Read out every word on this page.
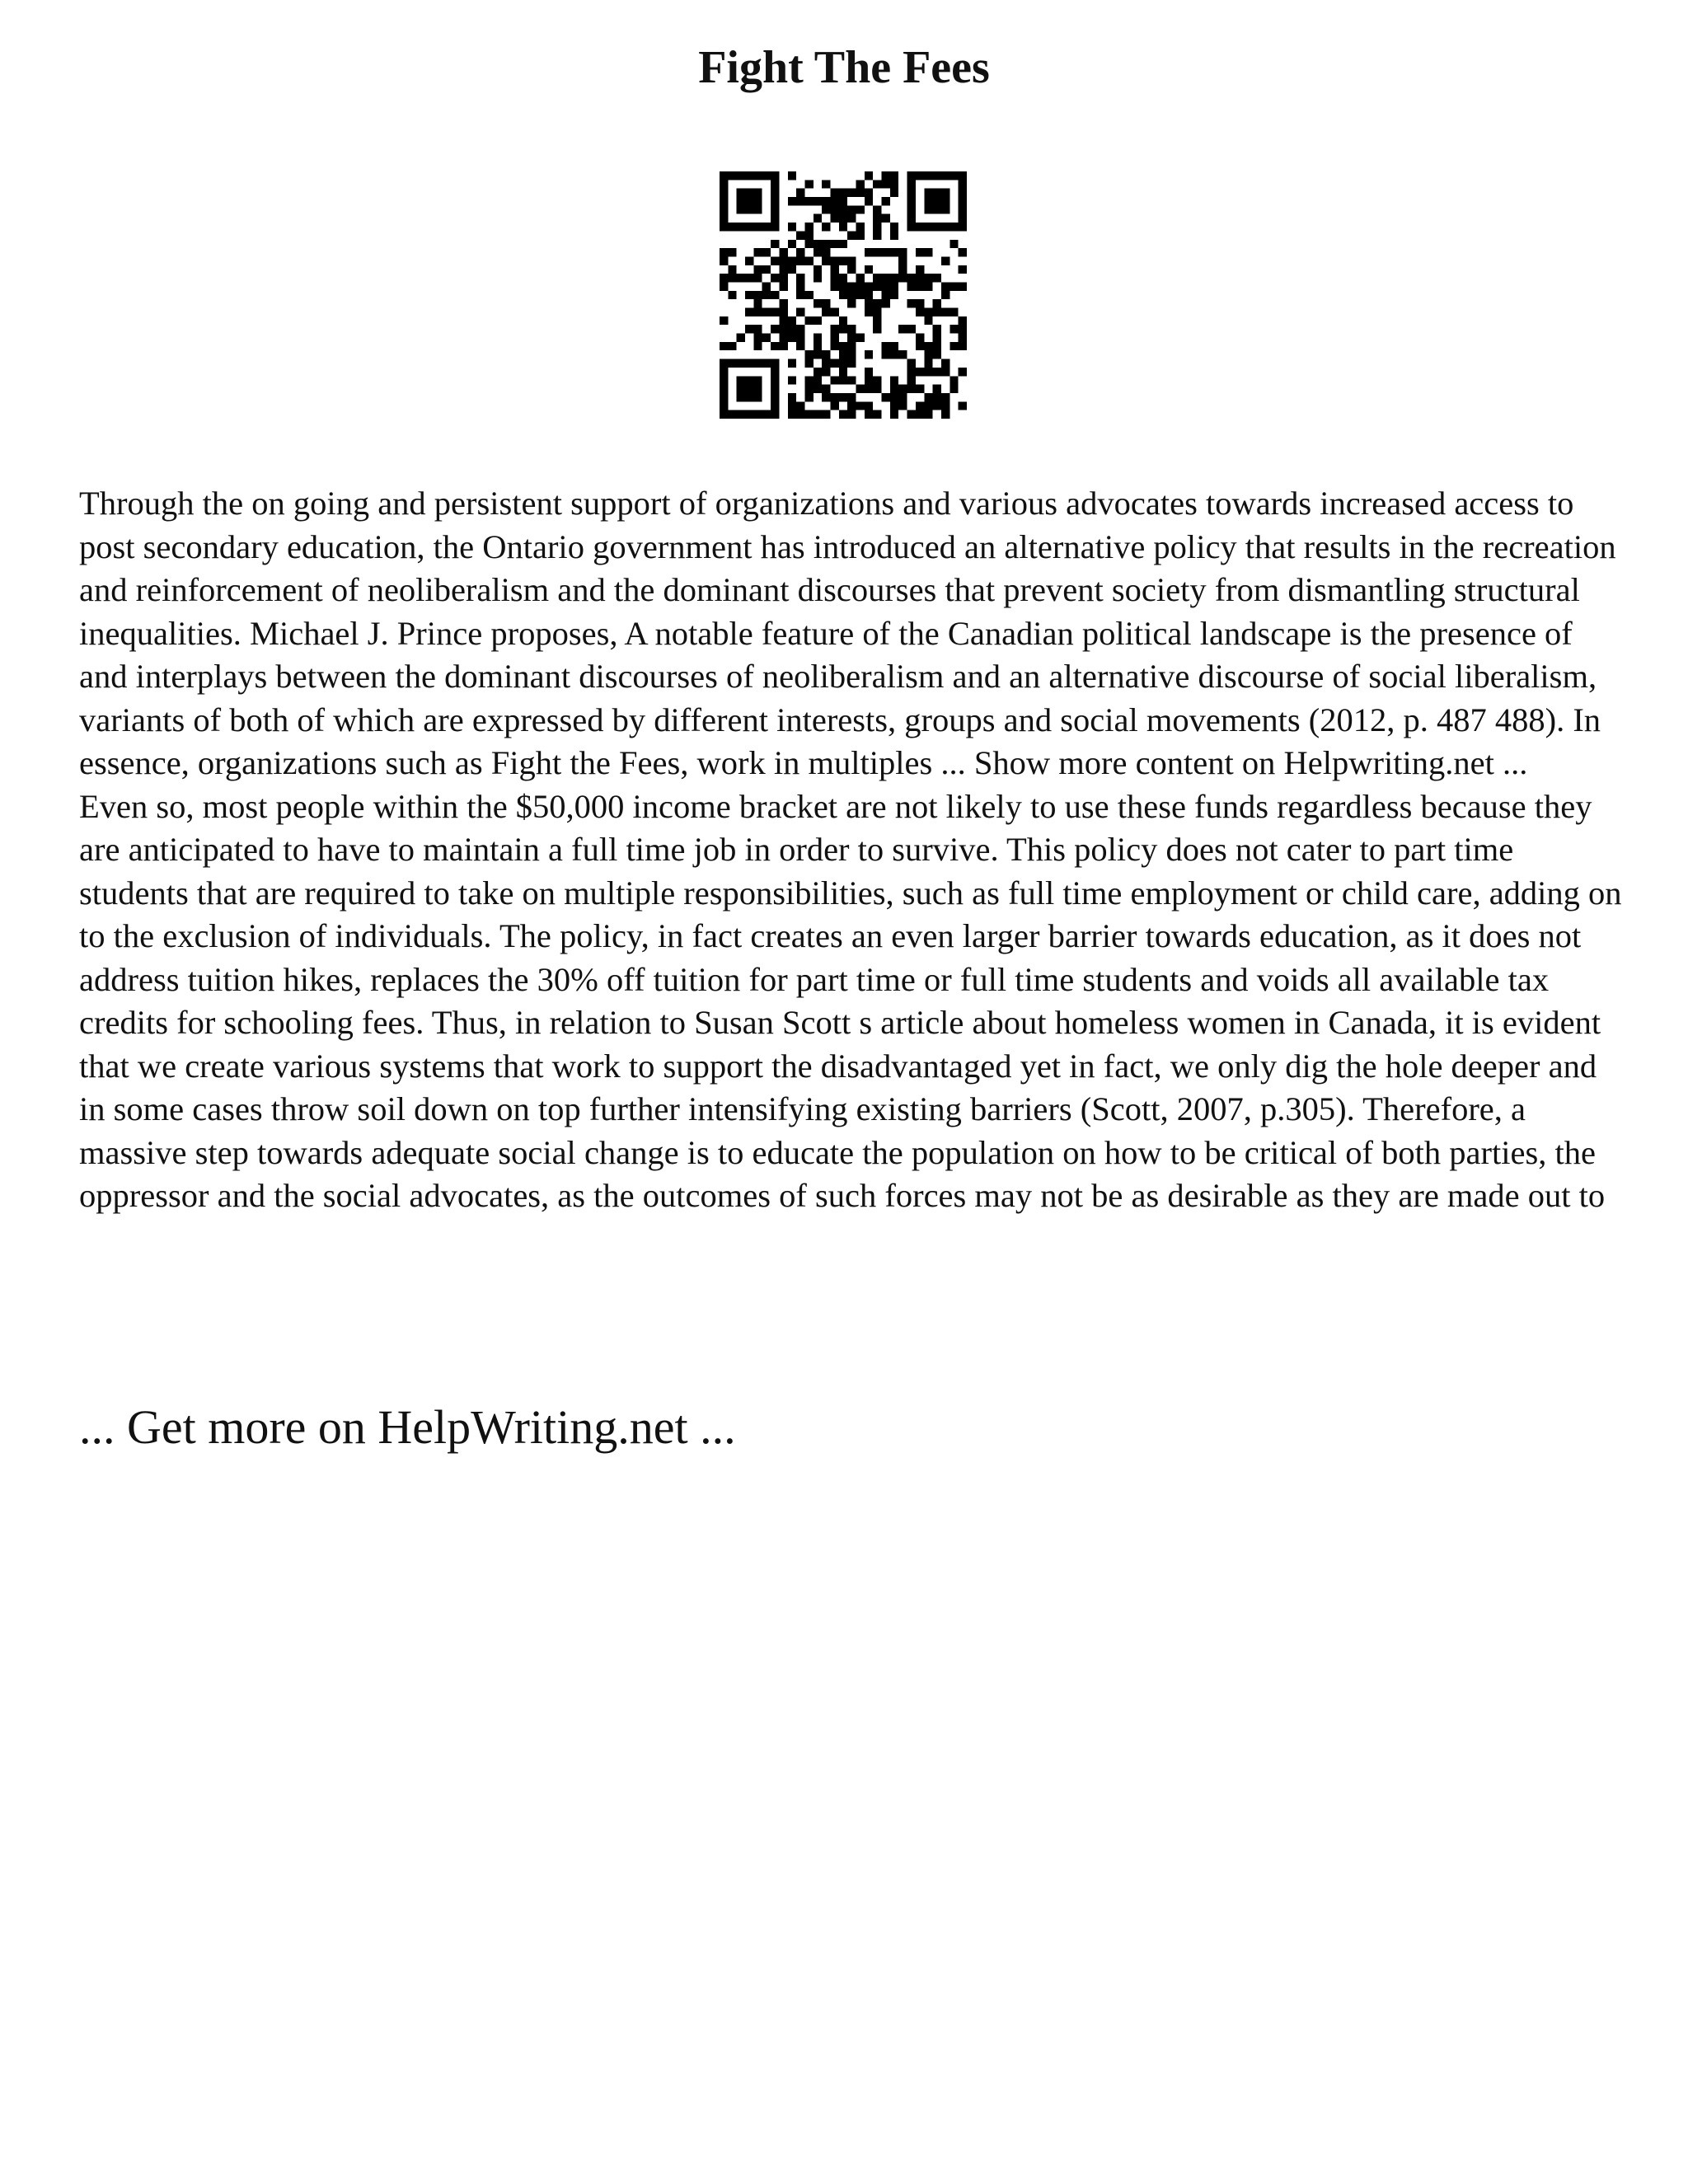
Fight The Fees

Through the on going and persistent support of organizations and various advocates towards increased access to post secondary education, the Ontario government has introduced an alternative policy that results in the recreation and reinforcement of neoliberalism and the dominant discourses that prevent society from dismantling structural inequalities. Michael J. Prince proposes, A notable feature of the Canadian political landscape is the presence of and interplays between the dominant discourses of neoliberalism and an alternative discourse of social liberalism, variants of both of which are expressed by different interests, groups and social movements (2012, p. 487 488). In essence, organizations such as Fight the Fees, work in multiples ... Show more content on Helpwriting.net ...

Even so, most people within the $50,000 income bracket are not likely to use these funds regardless because they are anticipated to have to maintain a full time job in order to survive. This policy does not cater to part time students that are required to take on multiple responsibilities, such as full time employment or child care, adding on to the exclusion of individuals. The policy, in fact creates an even larger barrier towards education, as it does not address tuition hikes, replaces the 30% off tuition for part time or full time students and voids all available tax credits for schooling fees. Thus, in relation to Susan Scott s article about homeless women in Canada, it is evident that we create various systems that work to support the disadvantaged yet in fact, we only dig the hole deeper and in some cases throw soil down on top further intensifying existing barriers (Scott, 2007, p.305). Therefore, a massive step towards adequate social change is to educate the population on how to be critical of both parties, the oppressor and the social advocates, as the outcomes of such forces may not be as desirable as they are made out to

... Get more on HelpWriting.net ...
